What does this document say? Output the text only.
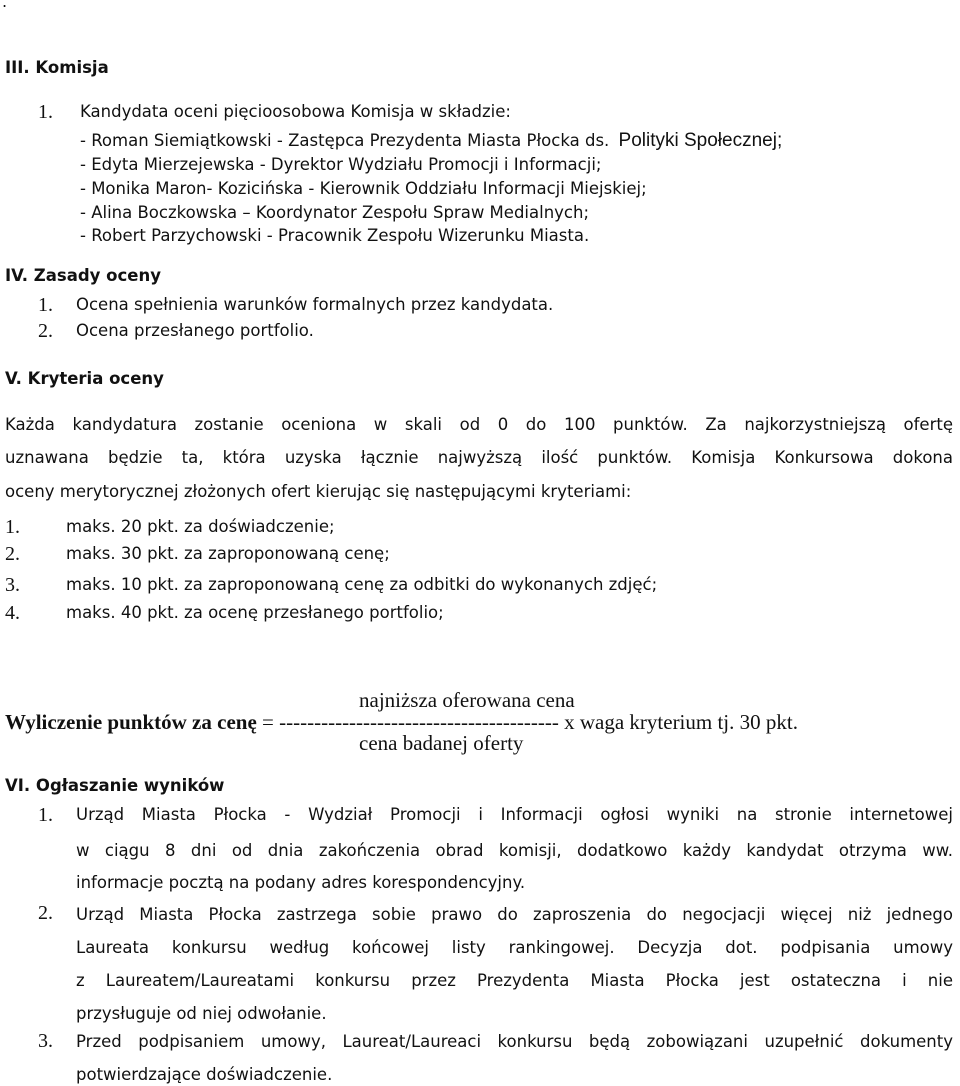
.
III. Komisja
1. Kandydata oceni pięcioosobowa Komisja w składzie:
- Roman Siemiątkowski - Zastępca Prezydenta Miasta Płocka ds. Polityki Społecznej;
- Edyta Mierzejewska - Dyrektor Wydziału Promocji i Informacji;
- Monika Maron- Kozicińska - Kierownik Oddziału Informacji Miejskiej;
- Alina Boczkowska – Koordynator Zespołu Spraw Medialnych;
- Robert Parzychowski - Pracownik Zespołu Wizerunku Miasta.
IV. Zasady oceny
1. Ocena spełnienia warunków formalnych przez kandydata.
2. Ocena przesłanego portfolio.
V. Kryteria oceny
Każda kandydatura zostanie oceniona w skali od 0 do 100 punktów. Za najkorzystniejszą ofertę
uznawana będzie ta, która uzyska łącznie najwyższą ilość punktów. Komisja Konkursowa dokona
oceny merytorycznej złożonych ofert kierując się następującymi kryteriami:
1.	maks. 20 pkt. za doświadczenie;
2.	maks. 30 pkt. za zaproponowaną cenę;
3.	maks. 10 pkt. za zaproponowaną cenę za odbitki do wykonanych zdjęć;
4.	maks. 40 pkt. za ocenę przesłanego portfolio;
najniższa oferowana cena
Wyliczenie punktów za cenę = ---------------------------------------- x waga kryterium tj. 30 pkt.
cena badanej oferty
VI. Ogłaszanie wyników
1. Urząd Miasta Płocka - Wydział Promocji i Informacji ogłosi wyniki na stronie internetowej
w ciągu 8 dni od dnia zakończenia obrad komisji, dodatkowo każdy kandydat otrzyma ww.
informacje pocztą na podany adres korespondencyjny.
2. Urząd Miasta Płocka zastrzega sobie prawo do zaproszenia do negocjacji więcej niż jednego
Laureata konkursu według końcowej listy rankingowej. Decyzja dot. podpisania umowy
z Laureatem/Laureatami konkursu przez Prezydenta Miasta Płocka jest ostateczna i nie
przysługuje od niej odwołanie.
3. Przed podpisaniem umowy, Laureat/Laureaci konkursu będą zobowiązani uzupełnić dokumenty
potwierdzające doświadczenie.
